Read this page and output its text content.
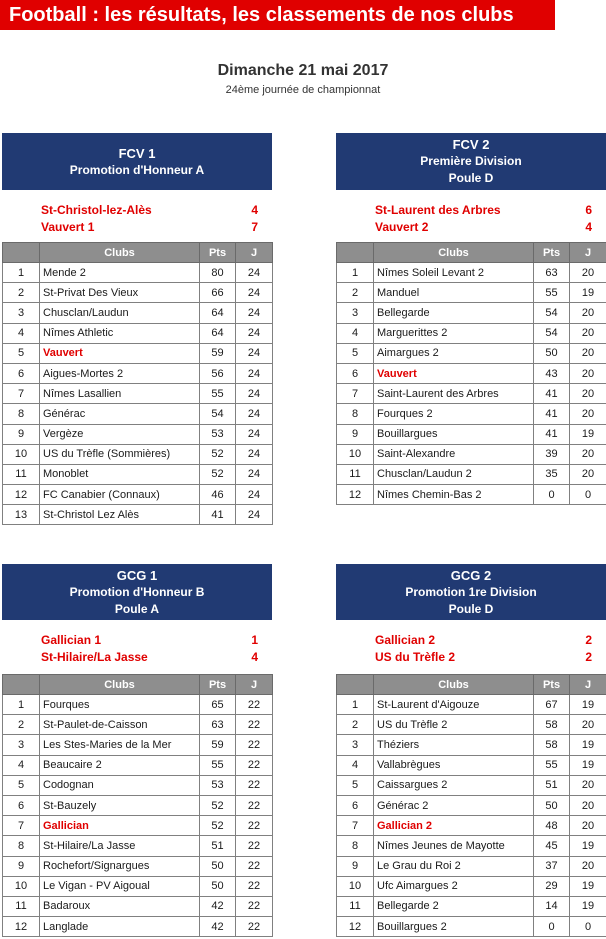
Football : les résultats, les classements de nos clubs
Dimanche 21 mai 2017
24ème journée de championnat
FCV 1
Promotion d'Honneur A
St-Christol-lez-Alès	4
Vauvert 1	7
	Clubs	Pts	J
1	Mende 2	80	24
2	St-Privat Des Vieux	66	24
3	Chusclan/Laudun	64	24
4	Nîmes Athletic	64	24
5	Vauvert	59	24
6	Aigues-Mortes 2	56	24
7	Nîmes Lasallien	55	24
8	Générac	54	24
9	Vergèze	53	24
10	US du Trèfle (Sommières)	52	24
11	Monoblet	52	24
12	FC Canabier (Connaux)	46	24
13	St-Christol Lez Alès	41	24
FCV 2
Première Division
Poule D
St-Laurent des Arbres	6
Vauvert 2	4
	Clubs	Pts	J
1	Nîmes Soleil Levant 2	63	20
2	Manduel	55	19
3	Bellegarde	54	20
4	Marguerittes 2	54	20
5	Aimargues 2	50	20
6	Vauvert	43	20
7	Saint-Laurent des Arbres	41	20
8	Fourques 2	41	20
9	Bouillargues	41	19
10	Saint-Alexandre	39	20
11	Chusclan/Laudun 2	35	20
12	Nîmes Chemin-Bas 2	0	0
GCG 1
Promotion d'Honneur B
Poule A
Gallician 1	1
St-Hilaire/La Jasse	4
	Clubs	Pts	J
1	Fourques	65	22
2	St-Paulet-de-Caisson	63	22
3	Les Stes-Maries de la Mer	59	22
4	Beaucaire 2	55	22
5	Codognan	53	22
6	St-Bauzely	52	22
7	Gallician	52	22
8	St-Hilaire/La Jasse	51	22
9	Rochefort/Signargues	50	22
10	Le Vigan - PV Aigoual	50	22
11	Badaroux	42	22
12	Langlade	42	22
GCG 2
Promotion 1re Division
Poule D
Gallician 2	2
US du Trèfle 2	2
	Clubs	Pts	J
1	St-Laurent d'Aigouze	67	19
2	US du Trèfle 2	58	20
3	Théziers	58	19
4	Vallabrègues	55	19
5	Caissargues 2	51	20
6	Générac 2	50	20
7	Gallician 2	48	20
8	Nîmes Jeunes de Mayotte	45	19
9	Le Grau du Roi 2	37	20
10	Ufc Aimargues 2	29	19
11	Bellegarde 2	14	19
12	Bouillargues 2	0	0
